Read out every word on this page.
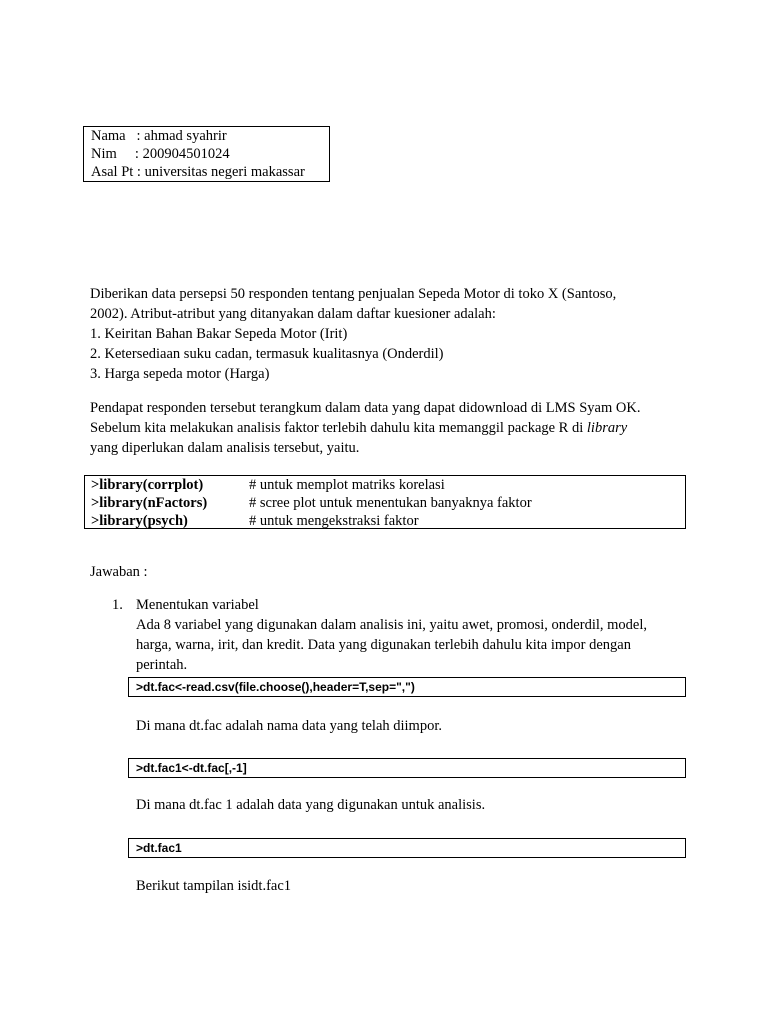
Nama   : ahmad syahrir
Nim     : 200904501024
Asal Pt : universitas negeri makassar
Diberikan data persepsi 50 responden tentang penjualan Sepeda Motor di toko X (Santoso,
2002). Atribut-atribut yang ditanyakan dalam daftar kuesioner adalah:
1. Keiritan Bahan Bakar Sepeda Motor (Irit)
2. Ketersediaan suku cadan, termasuk kualitasnya (Onderdil)
3. Harga sepeda motor (Harga)
Pendapat responden tersebut terangkum dalam data yang dapat didownload di LMS Syam OK.
Sebelum kita melakukan analisis faktor terlebih dahulu kita memanggil package R di library
yang diperlukan dalam analisis tersebut, yaitu.
>library(corrplot)	# untuk memplot matriks korelasi
>library(nFactors)	# scree plot untuk menentukan banyaknya faktor
>library(psych)	# untuk mengekstraksi faktor
Jawaban :
1. Menentukan variabel
Ada 8 variabel yang digunakan dalam analisis ini, yaitu awet, promosi, onderdil, model,
harga, warna, irit, dan kredit. Data yang digunakan terlebih dahulu kita impor dengan
perintah.
>dt.fac<-read.csv(file.choose(),header=T,sep=",")
Di mana dt.fac adalah nama data yang telah diimpor.
>dt.fac1<-dt.fac[,-1]
Di mana dt.fac 1 adalah data yang digunakan untuk analisis.
>dt.fac1
Berikut tampilan isidt.fac1
